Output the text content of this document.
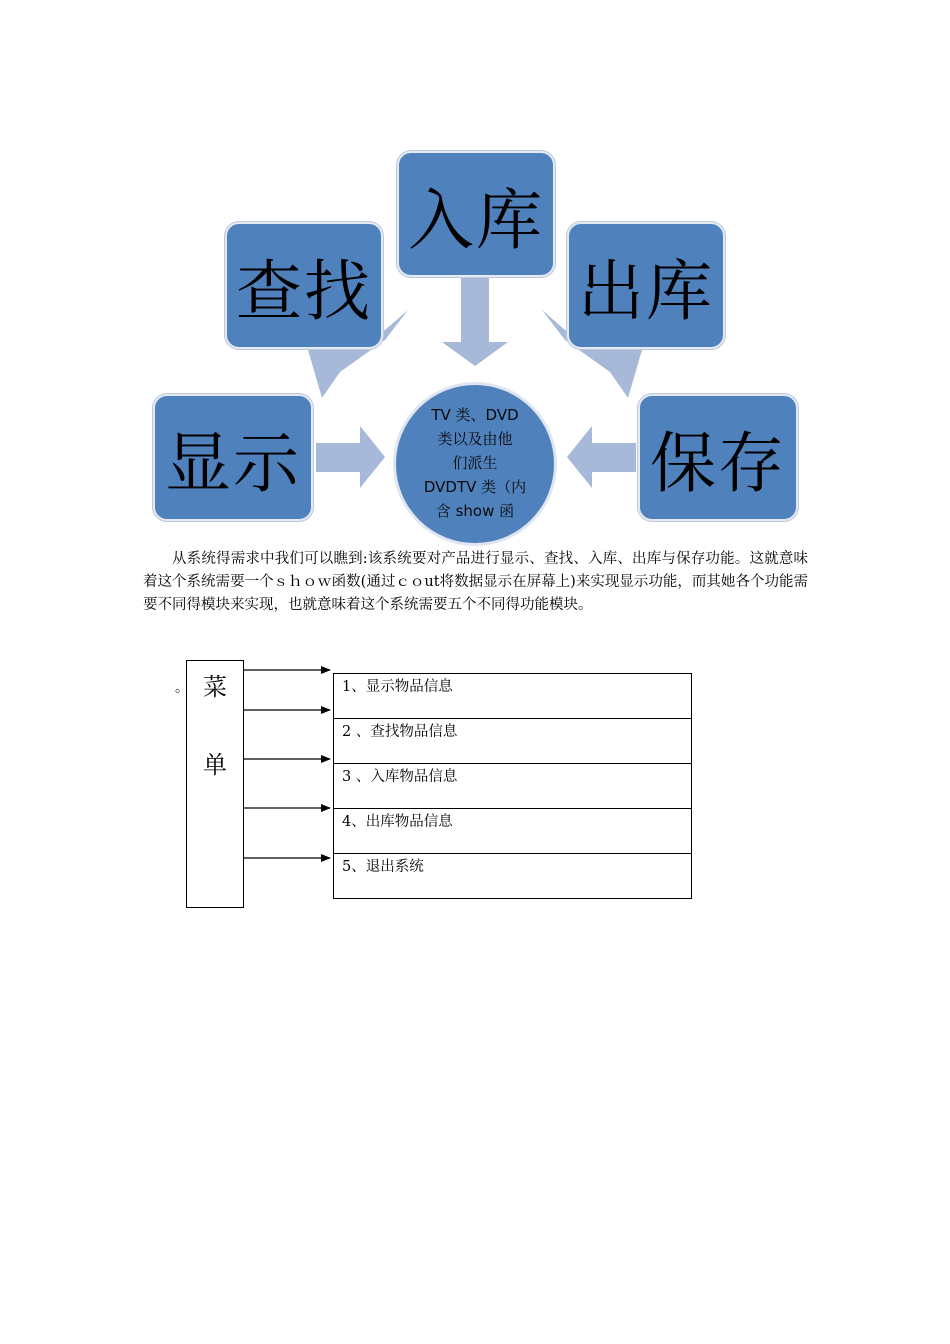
入库
查找	出库
显示	保存
TV 类、DVD
类以及由他
们派生
DVDTV 类（内
含 show 函
从系统得需求中我们可以瞧到:该系统要对产品进行显示、查找、入库、出库与保存功能。这就意味着这个系统需要一个ｓｈｏｗ函数(通过ｃｏut将数据显示在屏幕上)来实现显示功能，而其她各个功能需要不同得模块来实现，也就意味着这个系统需要五个不同得功能模块。
。 菜
单
1、显示物品信息
2 、查找物品信息
3 、入库物品信息
4、出库物品信息
5、退出系统
